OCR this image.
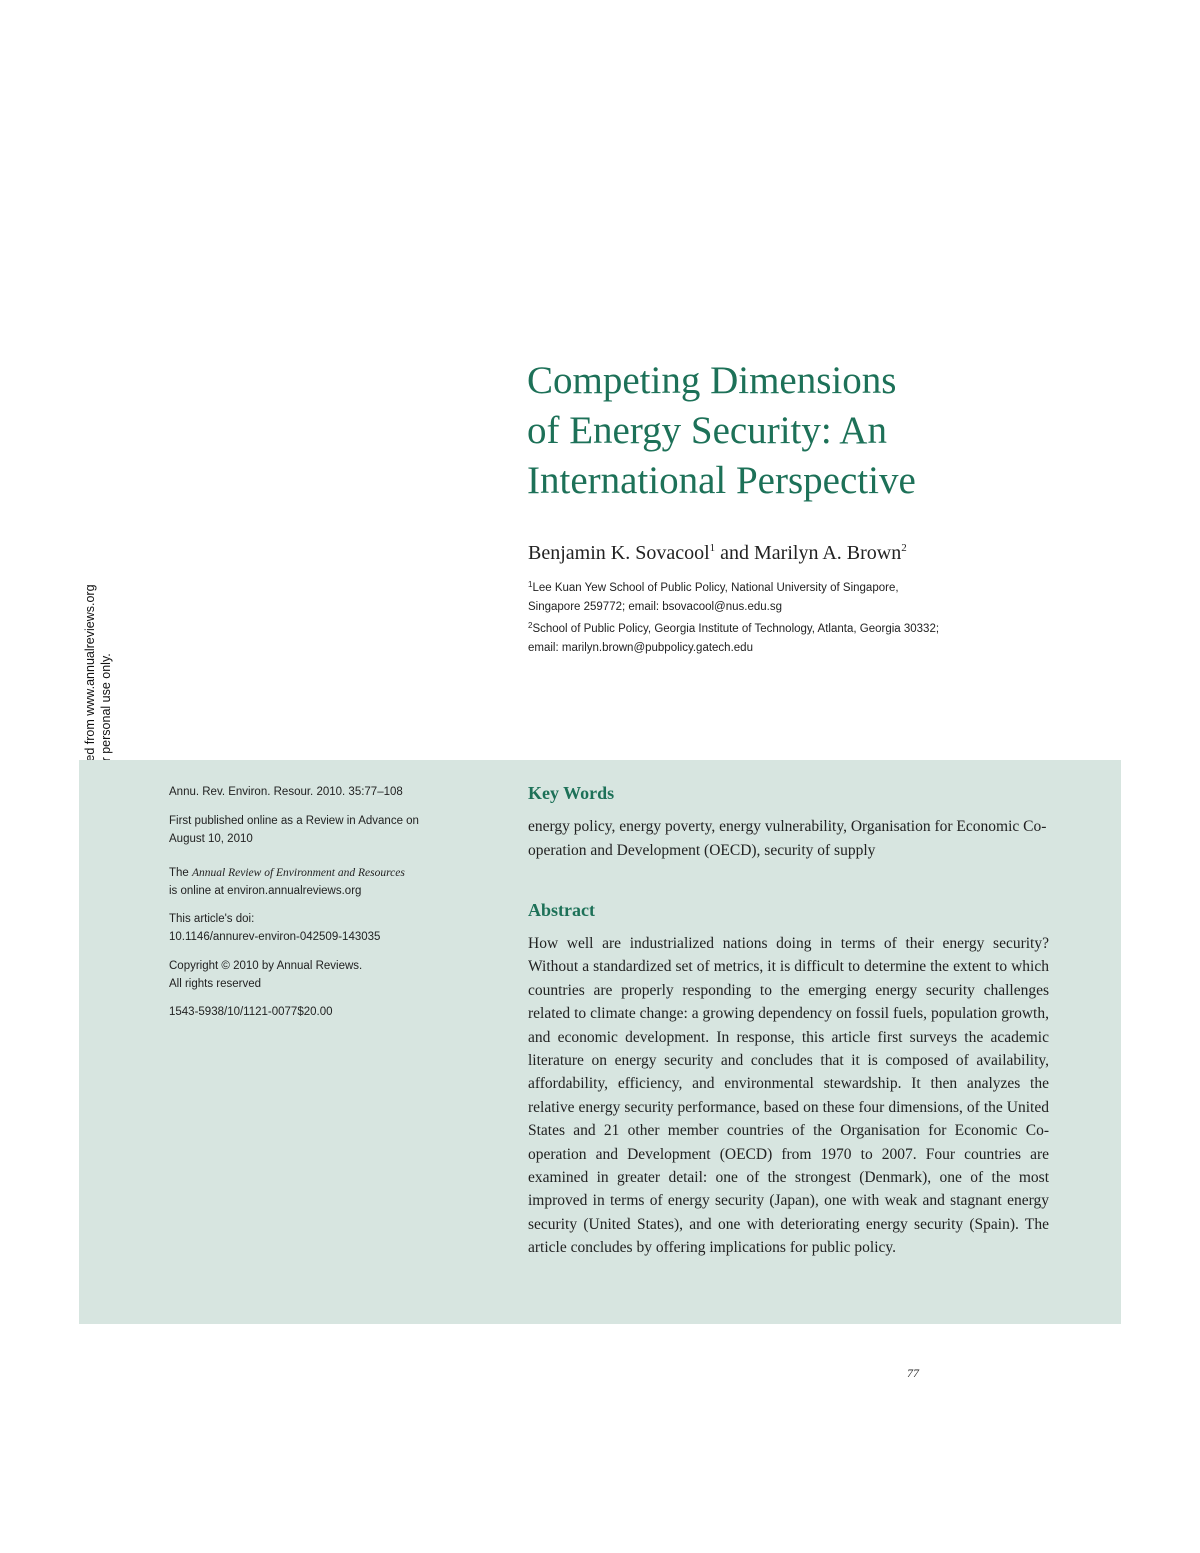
Competing Dimensions
of Energy Security: An
International Perspective
Benjamin K. Sovacool$^1$ and Marilyn A. Brown$^2$
$^1$Lee Kuan Yew School of Public Policy, National University of Singapore,
Singapore 259772; email: bsovacool@nus.edu.sg
$^2$School of Public Policy, Georgia Institute of Technology, Atlanta, Georgia 30332;
email: marilyn.brown@pubpolicy.gatech.edu
Annu. Rev. Environ. Resour. 2010. 35:77–108
First published online as a Review in Advance on
August 10, 2010
The Annual Review of Environment and Resources
is online at environ.annualreviews.org
This article's doi:
10.1146/annurev-environ-042509-143035
Copyright © 2010 by Annual Reviews.
All rights reserved
1543-5938/10/1121-0077$20.00
Key Words
energy policy, energy poverty, energy vulnerability, Organisation for Economic Co-operation and Development (OECD), security of supply
Abstract
How well are industrialized nations doing in terms of their energy security? Without a standardized set of metrics, it is difficult to determine the extent to which countries are properly responding to the emerging energy security challenges related to climate change: a growing dependency on fossil fuels, population growth, and economic development. In response, this article first surveys the academic literature on energy security and concludes that it is composed of availability, affordability, efficiency, and environmental stewardship. It then analyzes the relative energy security performance, based on these four dimensions, of the United States and 21 other member countries of the Organisation for Economic Co-operation and Development (OECD) from 1970 to 2007. Four countries are examined in greater detail: one of the strongest (Denmark), one of the most improved in terms of energy security (Japan), one with weak and stagnant energy security (United States), and one with deteriorating energy security (Spain). The article concludes by offering implications for public policy.
77
